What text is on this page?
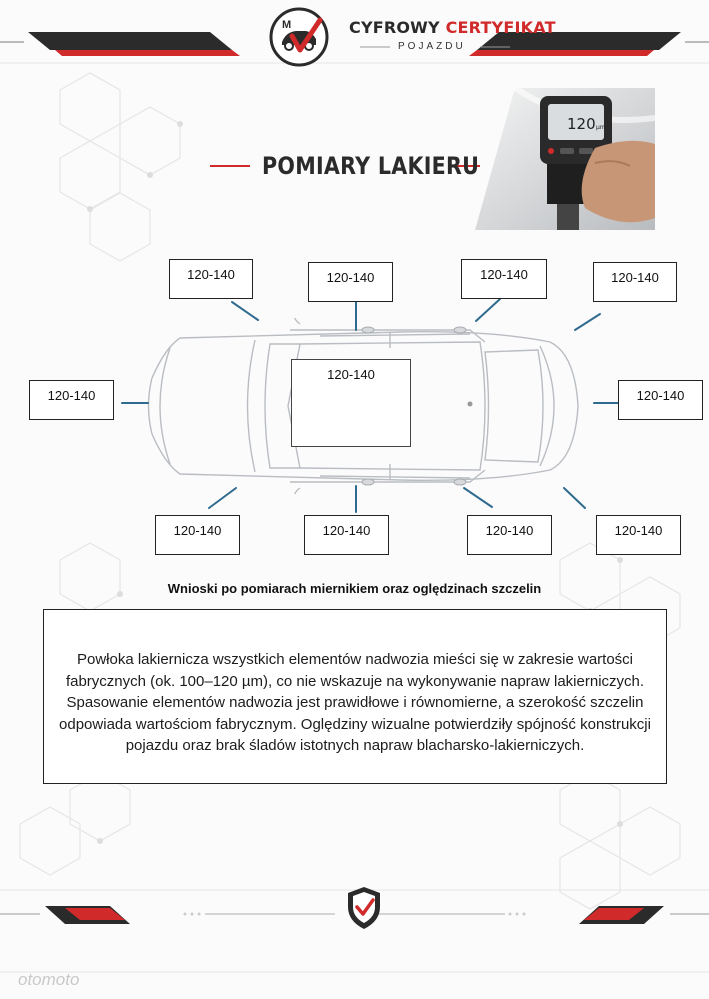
M	CYFROWY CERTYFIKAT
POJAZDU
120 µm
POMIARY LAKIERU
120-140	120-140	120-140	120-140
120-140
120-140
120-140
120-140	120-140	120-140	120-140
Wnioski po pomiarach miernikiem oraz oględzinach szczelin
Powłoka lakiernicza wszystkich elementów nadwozia mieści się w zakresie wartości fabrycznych (ok. 100–120 µm), co nie wskazuje na wykonywanie napraw lakierniczych. Spasowanie elementów nadwozia jest prawidłowe i równomierne, a szerokość szczelin odpowiada wartościom fabrycznym. Oględziny wizualne potwierdziły spójność konstrukcji pojazdu oraz brak śladów istotnych napraw blacharsko-lakierniczych.
otomoto
